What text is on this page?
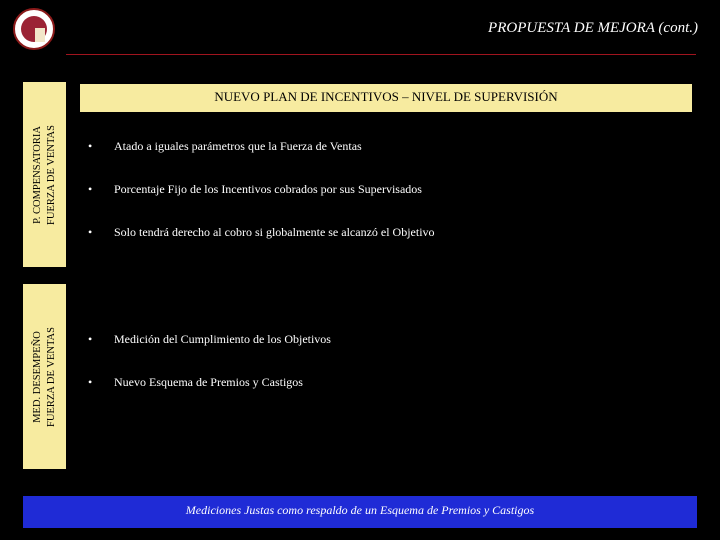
PROPUESTA DE MEJORA (cont.)
P. COMPENSATORIA FUERZA DE VENTAS
MED. DESEMPEÑO FUERZA DE VENTAS
NUEVO PLAN DE INCENTIVOS – NIVEL DE SUPERVISIÓN
• Atado a iguales parámetros que la Fuerza de Ventas
• Porcentaje Fijo de los Incentivos cobrados por sus Supervisados
• Solo tendrá derecho al cobro si globalmente se alcanzó el Objetivo
• Medición del Cumplimiento de los Objetivos
• Nuevo Esquema de Premios y Castigos
Mediciones Justas como respaldo de un Esquema de Premios y Castigos
